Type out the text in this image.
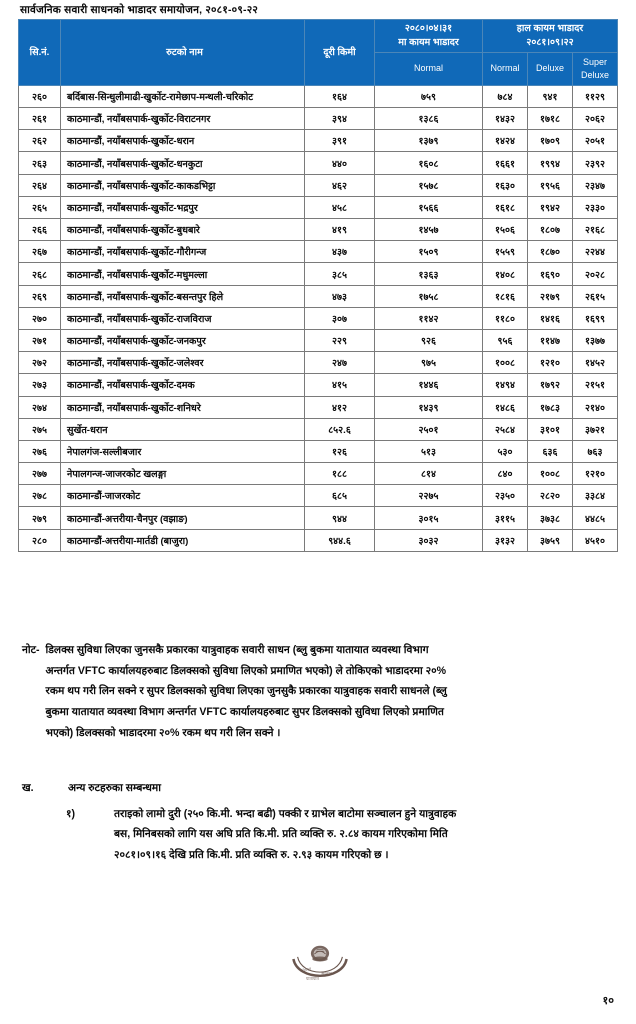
सार्वजनिक सवारी साधनको भाडादर समायोजन, २०८१-०९-२२
सि.नं.	रुटको नाम	दूरी किमी	
२०८०।०४।३१
मा कायम भाडादर

हाल कायम भाडादर
२०८१।०९।२२

			Normal	Normal	Deluxe	Super
Deluxe

२६०	बर्दिबास-सिन्धुलीमाढी-खुर्कोट-रामेछाप-मन्थली-चरिकोट	१६४	७५९	७८४	९४१	११२९
२६१	काठमान्डौं, नयाँबसपार्क-खुर्कोट-विराटनगर	३९४	१३८६	१४३२	१७१८	२०६२
२६२	काठमान्डौं, नयाँबसपार्क-खुर्कोट-धरान	३९१	१३७९	१४२४	१७०९	२०५१
२६३	काठमान्डौं, नयाँबसपार्क-खुर्कोट-धनकुटा	४४०	१६०८	१६६१	१९९४	२३९२
२६४	काठमान्डौं, नयाँबसपार्क-खुर्कोट-काकडभिट्टा	४६२	१५७८	१६३०	१९५६	२३४७
२६५	काठमान्डौं, नयाँबसपार्क-खुर्कोट-भद्रपुर	४५८	१५६६	१६१८	१९४२	२३३०
२६६	काठमान्डौं, नयाँबसपार्क-खुर्कोट-बुधबारे	४१९	१४५७	१५०६	१८०७	२१६८
२६७	काठमान्डौं, नयाँबसपार्क-खुर्कोट-गौरीगन्ज	४३७	१५०९	१५५९	१८७०	२२४४
२६८	काठमान्डौं, नयाँबसपार्क-खुर्कोट-मधुमल्ला	३८५	१३६३	१४०८	१६९०	२०२८
२६९	काठमान्डौं, नयाँबसपार्क-खुर्कोट-बसन्तपुर हिले	४७३	१७५८	१८१६	२१७९	२६१५
२७०	काठमान्डौं, नयाँबसपार्क-खुर्कोट-राजविराज	३०७	११४२	११८०	१४१६	१६९९
२७१	काठमान्डौं, नयाँबसपार्क-खुर्कोट-जनकपुर	२२९	९२६	९५६	११४७	१३७७
२७२	काठमान्डौं, नयाँबसपार्क-खुर्कोट-जलेश्वर	२४७	९७५	१००८	१२१०	१४५२
२७३	काठमान्डौं, नयाँबसपार्क-खुर्कोट-दमक	४१५	१४४६	१४९४	१७९२	२१५१
२७४	काठमान्डौं, नयाँबसपार्क-खुर्कोट-शनिधरे	४१२	१४३९	१४८६	१७८३	२१४०
२७५	सुर्खेत-धरान	८५२.६	२५०१	२५८४	३१०१	३७२१
२७६	नेपालगंज-सल्लीबजार	१२६	५१३	५३०	६३६	७६३
२७७	नेपालगन्ज-जाजरकोट खलङ्गा	१८८	८१४	८४०	१००८	१२१०
२७८	काठमान्डौं-जाजरकोट	६८५	२२७५	२३५०	२८२०	३३८४
२७९	काठमान्डौं-अत्तरीया-चैनपुर (वझाङ)	९४४	३०१५	३११५	३७३८	४४८५
२८०	काठमान्डौं-अत्तरीया-मार्तडी (बाजुरा)	९४४.६	३०३२	३१३२	३७५९	४५१०
नोट- डिलक्स सुविधा लिएका जुनसकै प्रकारका यात्रुवाहक सवारी साधन (ब्लु बुकमा यातायात व्यवस्था विभाग
अन्तर्गत VFTC कार्यालयहरुबाट डिलक्सको सुविधा लिएको प्रमाणित भएको) ले तोकिएको भाडादरमा २०%
रकम थप गरी लिन सक्ने र सुपर डिलक्सको सुविधा लिएका जुनसुकै प्रकारका यात्रुवाहक सवारी साधनले (ब्लु
बुकमा यातायात व्यवस्था विभाग अन्तर्गत VFTC कार्यालयहरुबाट सुपर डिलक्सको सुविधा लिएको प्रमाणित
भएको) डिलक्सको भाडादरमा २०% रकम थप गरी लिन सक्ने ।
ख.	अन्य रुटहरुका सम्बन्धमा
१)	तराइको लामो दुरी (२५० कि.मी. भन्दा बढी) पक्की र ग्राभेल बाटोमा सञ्चालन हुने यात्रुवाहक
बस, मिनिबसको लागि यस अघि प्रति कि.मी. प्रति व्यक्ति रु. २.८४ कायम गरिएकोमा मिति
२०८१।०९।१६ देखि प्रति कि.मी. प्रति व्यक्ति रु. २.९३ कायम गरिएको छ ।
नेपाल
सरकार
यातायात
१०
